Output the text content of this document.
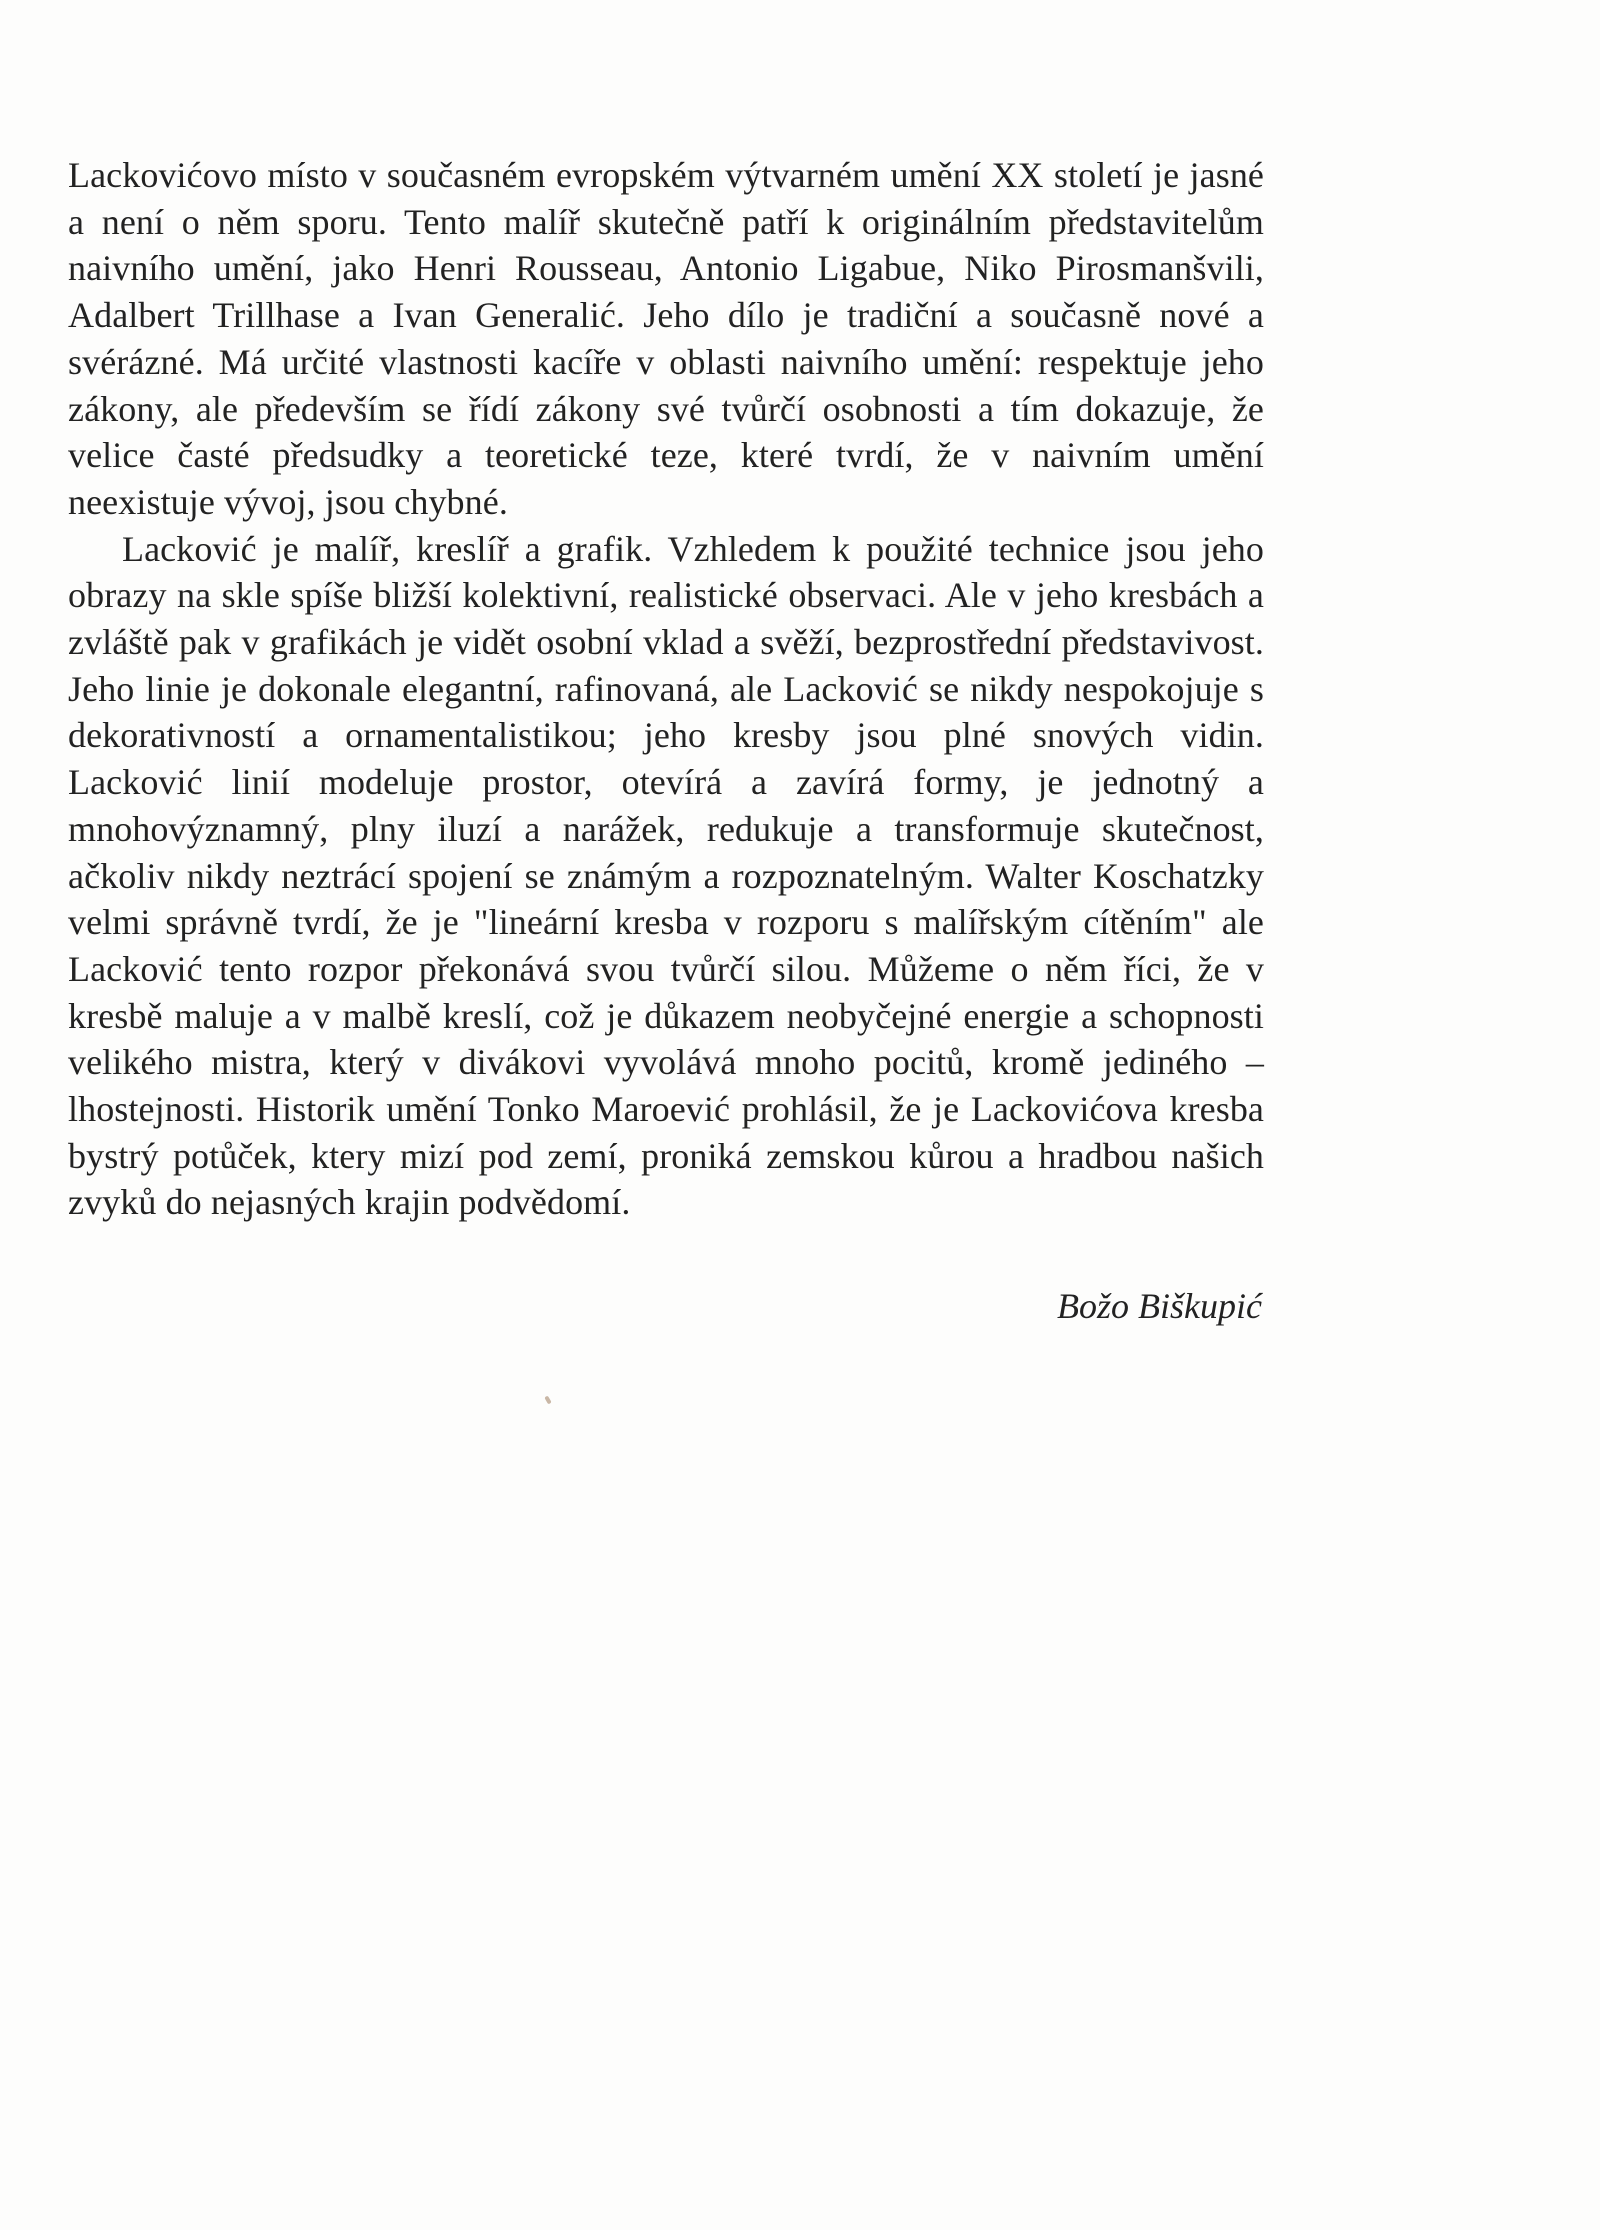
Lackovićovo místo v současném evropském výtvarném umění XX století je jasné a není o něm sporu. Tento malíř skutečně patří k originálním představitelům naivního umění, jako Henri Rousseau, Antonio Ligabue, Niko Pirosmanšvili, Adalbert Trillhase a Ivan Generalić. Jeho dílo je tradiční a současně nové a svérázné. Má určité vlastnosti kacíře v oblasti naivního umění: respektuje jeho zákony, ale především se řídí zákony své tvůrčí osobnosti a tím dokazuje, že velice časté předsudky a teoretické teze, které tvrdí, že v naivním umění neexistuje vývoj, jsou chybné.

Lacković je malíř, kreslíř a grafik. Vzhledem k použité technice jsou jeho obrazy na skle spíše bližší kolektivní, realistické observaci. Ale v jeho kresbách a zvláště pak v grafikách je vidět osobní vklad a svěží, bezprostřední představivost. Jeho linie je dokonale elegantní, rafinovaná, ale Lacković se nikdy nespokojuje s dekorativností a ornamentalistikou; jeho kresby jsou plné snových vidin. Lacković linií modeluje prostor, otevírá a zavírá formy, je jednotný a mnohovýznamný, plny iluzí a narážek, redukuje a transformuje skutečnost, ačkoliv nikdy neztrácí spojení se známým a rozpoznatelným. Walter Koschatzky velmi správně tvrdí, že je "lineární kresba v rozporu s malířským cítěním" ale Lacković tento rozpor překonává svou tvůrčí silou. Můžeme o něm říci, že v kresbě maluje a v malbě kreslí, což je důkazem neobyčejné energie a schopnosti velikého mistra, který v divákovi vyvolává mnoho pocitů, kromě jediného – lhostejnosti. Historik umění Tonko Maroević prohlásil, že je Lackovićova kresba bystrý potůček, ktery mizí pod zemí, proniká zemskou kůrou a hradbou našich zvyků do nejasných krajin podvědomí.

Božo Biškupić
